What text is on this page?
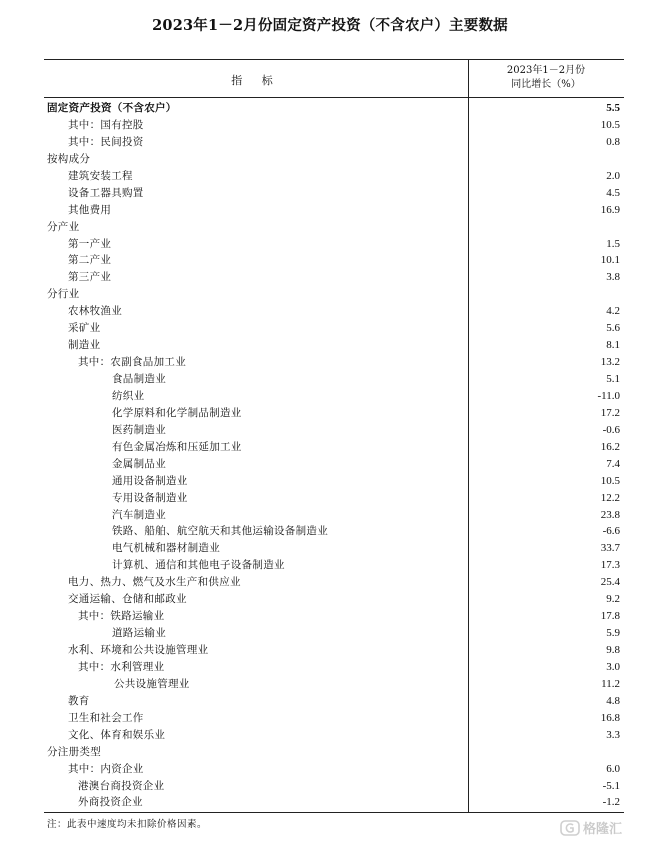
2023年1－2月份固定资产投资（不含农户）主要数据
指 标
2023年1－2月份
同比增长（%）
固定资产投资（不含农户）	5.5
其中：国有控股	10.5
其中：民间投资	0.8
按构成分
建筑安装工程	2.0
设备工器具购置	4.5
其他费用	16.9
分产业
第一产业	1.5
第二产业	10.1
第三产业	3.8
分行业
农林牧渔业	4.2
采矿业	5.6
制造业	8.1
其中：农副食品加工业	13.2
食品制造业	5.1
纺织业	-11.0
化学原料和化学制品制造业	17.2
医药制造业	-0.6
有色金属冶炼和压延加工业	16.2
金属制品业	7.4
通用设备制造业	10.5
专用设备制造业	12.2
汽车制造业	23.8
铁路、船舶、航空航天和其他运输设备制造业	-6.6
电气机械和器材制造业	33.7
计算机、通信和其他电子设备制造业	17.3
电力、热力、燃气及水生产和供应业	25.4
交通运输、仓储和邮政业	9.2
其中：铁路运输业	17.8
道路运输业	5.9
水利、环境和公共设施管理业	9.8
其中：水利管理业	3.0
公共设施管理业	11.2
教育	4.8
卫生和社会工作	16.8
文化、体育和娱乐业	3.3
分注册类型
其中：内资企业	6.0
港澳台商投资企业	-5.1
外商投资企业	-1.2
注：此表中速度均未扣除价格因素。	格隆汇
